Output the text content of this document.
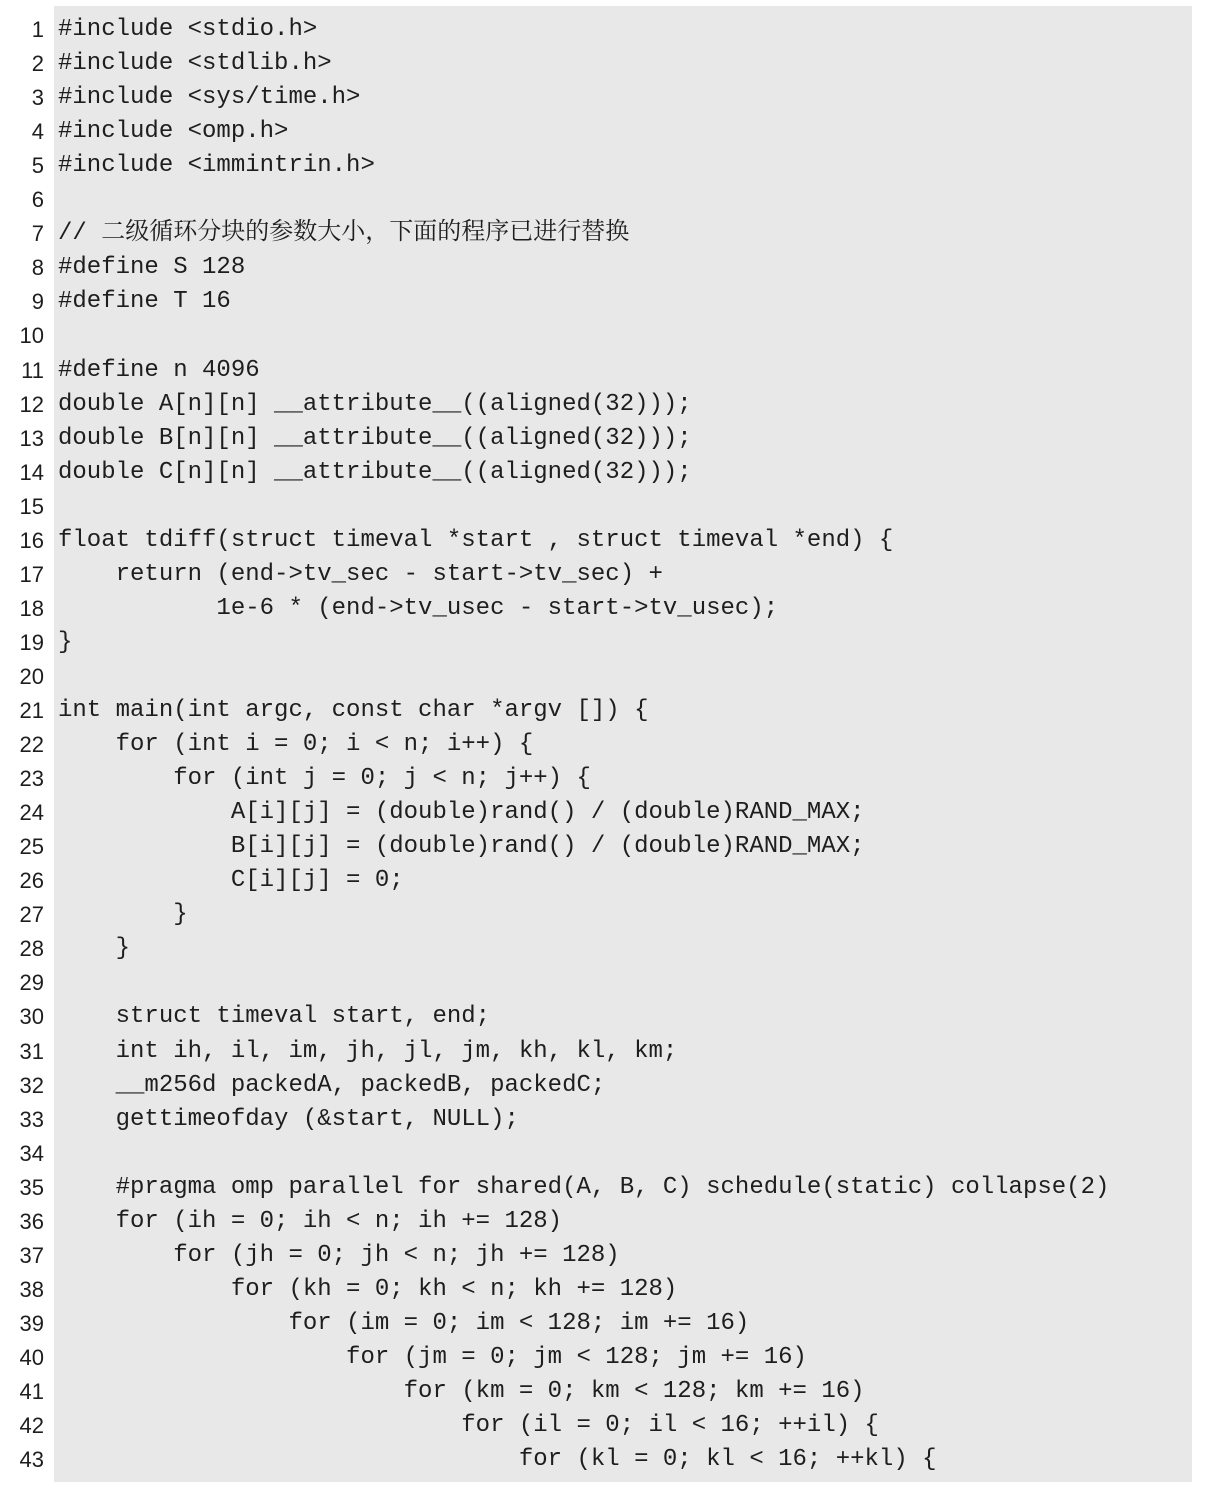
1 #include <stdio.h>
2 #include <stdlib.h>
3 #include <sys/time.h>
4 #include <omp.h>
5 #include <immintrin.h>
6
7 // 二级循环分块的参数大小，下面的程序已进行替换
8 #define S 128
9 #define T 16
10
11 #define n 4096
12 double A[n][n] __attribute__((aligned(32)));
13 double B[n][n] __attribute__((aligned(32)));
14 double C[n][n] __attribute__((aligned(32)));
15
16 float tdiff(struct timeval *start , struct timeval *end) {
17 return (end->tv_sec - start->tv_sec) +
18 1e-6 * (end->tv_usec - start->tv_usec);
19 }
20
21 int main(int argc, const char *argv []) {
22 for (int i = 0; i < n; i++) {
23 for (int j = 0; j < n; j++) {
24 A[i][j] = (double)rand() / (double)RAND_MAX;
25 B[i][j] = (double)rand() / (double)RAND_MAX;
26 C[i][j] = 0;
27 }
28 }
29
30 struct timeval start, end;
31 int ih, il, im, jh, jl, jm, kh, kl, km;
32 __m256d packedA, packedB, packedC;
33 gettimeofday (&start, NULL);
34
35 #pragma omp parallel for shared(A, B, C) schedule(static) collapse(2)
36 for (ih = 0; ih < n; ih += 128)
37 for (jh = 0; jh < n; jh += 128)
38 for (kh = 0; kh < n; kh += 128)
39 for (im = 0; im < 128; im += 16)
40 for (jm = 0; jm < 128; jm += 16)
41 for (km = 0; km < 128; km += 16)
42 for (il = 0; il < 16; ++il) {
43 for (kl = 0; kl < 16; ++kl) {
